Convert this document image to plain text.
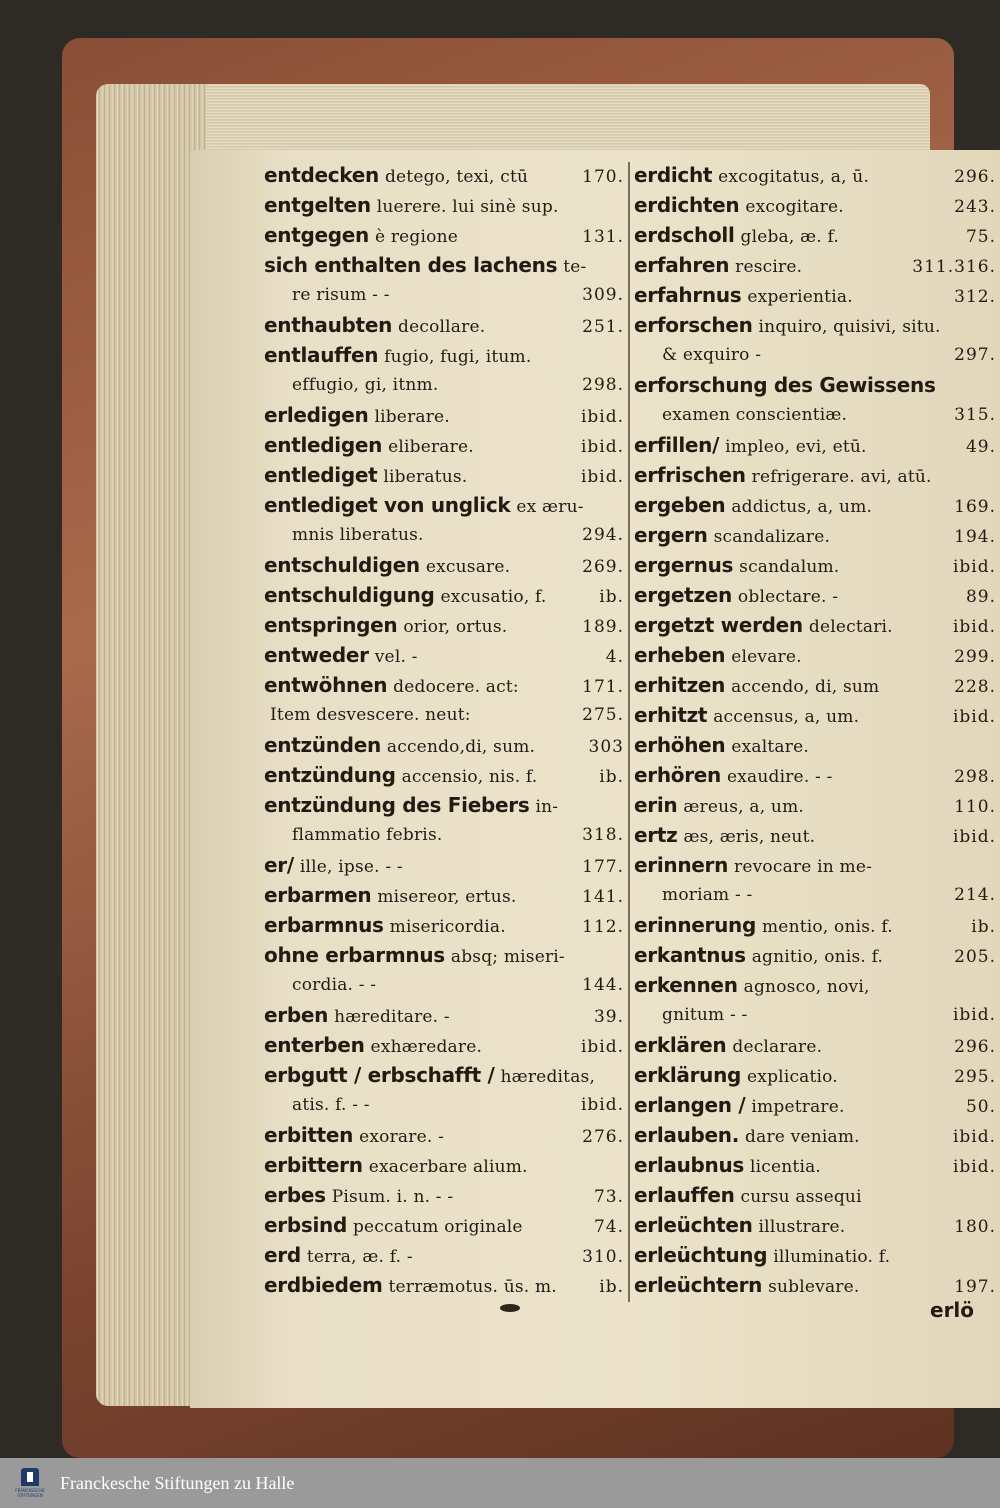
entdecken detego, texi, ctū	170.
entgelten luerere. lui sinè sup.
entgegen è regione	131.
sich enthalten des lachens te-
re risum - -	309.
enthaubten decollare.	251.
entlauffen fugio, fugi, itum.
effugio, gi, itnm.	298.
erledigen liberare.	ibid.
entledigen eliberare.	ibid.
entlediget liberatus.	ibid.
entlediget von unglick ex æru-
mnis liberatus.	294.
entschuldigen excusare.	269.
entschuldigung excusatio, f.	ib.
entspringen orior, ortus.	189.
entweder vel. -	4.
entwöhnen dedocere. act:	171.
Item desvescere. neut:	275.
entzünden accendo,di, sum.	303
entzündung accensio, nis. f.	ib.
entzündung des Fiebers in-
flammatio febris.	318.
er/ ille, ipse. - -	177.
erbarmen misereor, ertus.	141.
erbarmnus misericordia.	112.
ohne erbarmnus absq; miseri-
cordia. - -	144.
erben hæreditare. -	39.
enterben exhæredare.	ibid.
erbgutt / erbschafft / hæreditas,
atis. f. - -	ibid.
erbitten exorare. -	276.
erbittern exacerbare alium.
erbes Pisum. i. n. - -	73.
erbsind peccatum originale	74.
erd terra, æ. f. -	310.
erdbiedem terræmotus. ūs. m. ib.
erdicht excogitatus, a, ū.	296.
erdichten excogitare.	243.
erdscholl gleba, æ. f.	75.
erfahren rescire.	311.316.
erfahrnus experientia.	312.
erforschen inquiro, quisivi, situ.
& exquiro -	297.
erforschung des Gewissens
examen conscientiæ.	315.
erfillen/ impleo, evi, etū.	49.
erfrischen refrigerare. avi, atū.
ergeben addictus, a, um.	169.
ergern scandalizare.	194.
ergernus scandalum.	ibid.
ergetzen oblectare. -	89.
ergetzt werden delectari.	ibid.
erheben elevare.	299.
erhitzen accendo, di, sum	228.
erhitzt accensus, a, um.	ibid.
erhöhen exaltare.
erhören exaudire. - -	298.
erin æreus, a, um.	110.
ertz æs, æris, neut.	ibid.
erinnern revocare in me-
moriam - -	214.
erinnerung mentio, onis. f.	ib.
erkantnus agnitio, onis. f.	205.
erkennen agnosco, novi,
gnitum - -	ibid.
erklären declarare.	296.
erklärung explicatio.	295.
erlangen / impetrare.	50.
erlauben. dare veniam.	ibid.
erlaubnus licentia.	ibid.
erlauffen cursu assequi
erleüchten illustrare.	180.
erleüchtung illuminatio. f.
erleüchtern sublevare.	197.
erlö
FRANCKESCHE STIFTUNGEN
Franckesche Stiftungen zu Halle
